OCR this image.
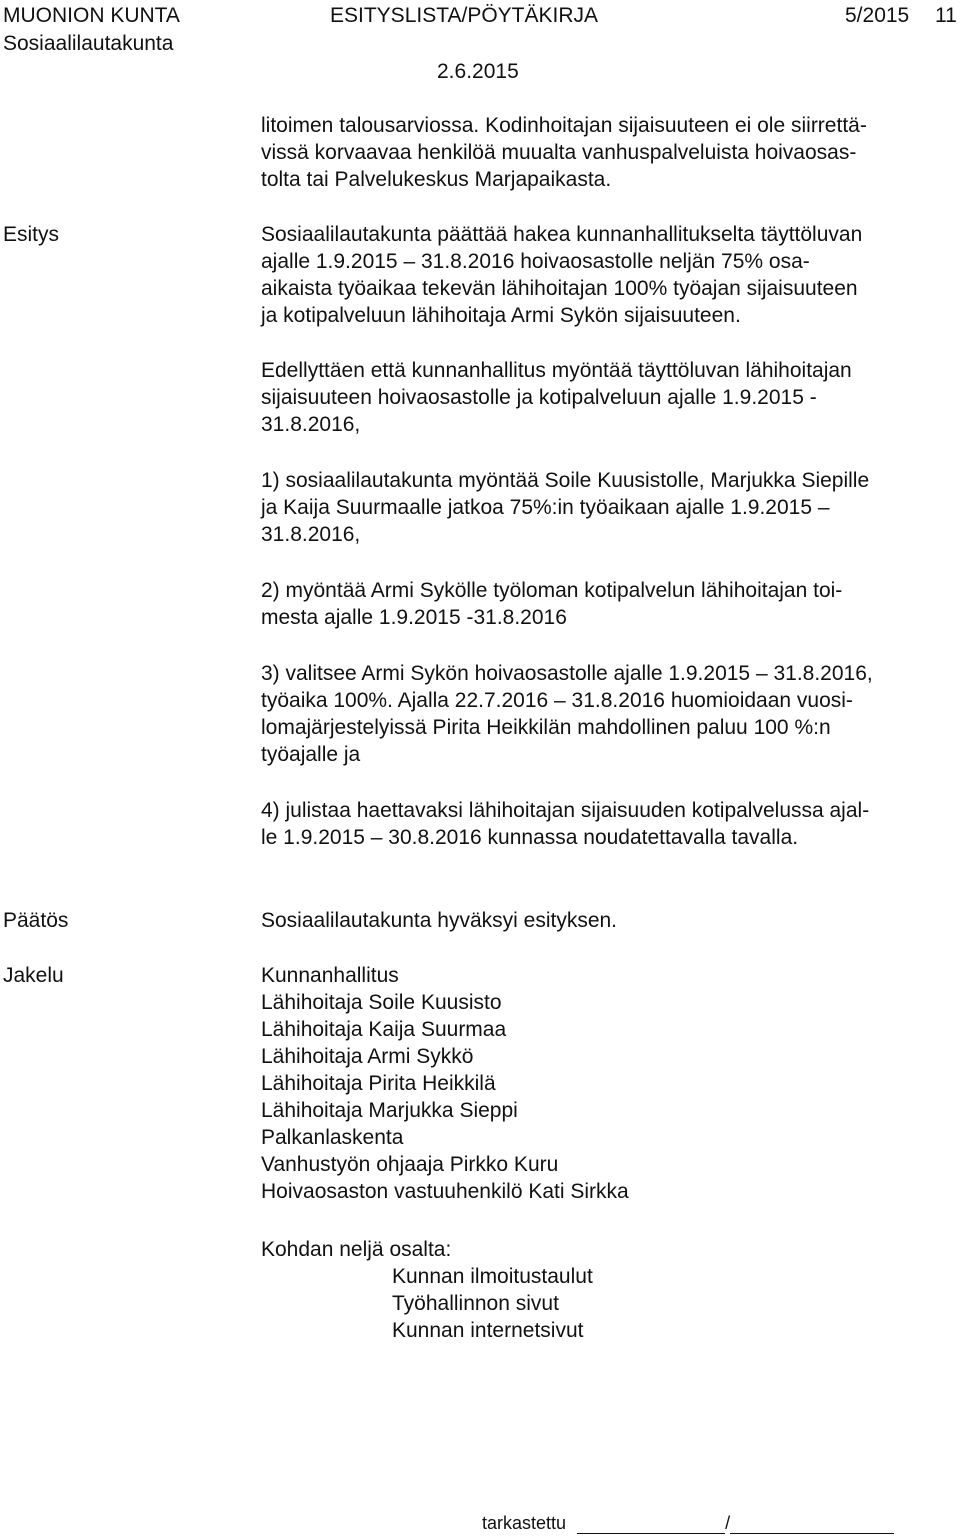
MUONION KUNTA
Sosiaalilautakunta
ESITYSLISTA/PÖYTÄKIRJA	5/2015 11
2.6.2015
litoimen talousarviossa. Kodinhoitajan sijaisuuteen ei ole siirrettä-
vissä korvaavaa henkilöä muualta vanhuspalveluista hoivaosas-
tolta tai Palvelukeskus Marjapaikasta.
Esitys	Sosiaalilautakunta päättää hakea kunnanhallitukselta täyttöluvan
ajalle 1.9.2015 – 31.8.2016 hoivaosastolle neljän 75% osa-
aikaista työaikaa tekevän lähihoitajan 100% työajan sijaisuuteen
ja kotipalveluun lähihoitaja Armi Sykön sijaisuuteen.
Edellyttäen että kunnanhallitus myöntää täyttöluvan lähihoitajan
sijaisuuteen hoivaosastolle ja kotipalveluun ajalle 1.9.2015 -
31.8.2016,
1) sosiaalilautakunta myöntää Soile Kuusistolle, Marjukka Siepille
ja Kaija Suurmaalle jatkoa 75%:in työaikaan ajalle 1.9.2015 –
31.8.2016,
2) myöntää Armi Sykölle työloman kotipalvelun lähihoitajan toi-
mesta ajalle 1.9.2015 -31.8.2016
3) valitsee Armi Sykön hoivaosastolle ajalle 1.9.2015 – 31.8.2016,
työaika 100%. Ajalla 22.7.2016 – 31.8.2016 huomioidaan vuosi-
lomajärjestelyissä Pirita Heikkilän mahdollinen paluu 100 %:n
työajalle ja
4) julistaa haettavaksi lähihoitajan sijaisuuden kotipalvelussa ajal-
le 1.9.2015 – 30.8.2016 kunnassa noudatettavalla tavalla.
Päätös	Sosiaalilautakunta hyväksyi esityksen.
Jakelu	Kunnanhallitus
Lähihoitaja Soile Kuusisto
Lähihoitaja Kaija Suurmaa
Lähihoitaja Armi Sykkö
Lähihoitaja Pirita Heikkilä
Lähihoitaja Marjukka Sieppi
Palkanlaskenta
Vanhustyön ohjaaja Pirkko Kuru
Hoivaosaston vastuuhenkilö Kati Sirkka
Kohdan neljä osalta:
Kunnan ilmoitustaulut
Työhallinnon sivut
Kunnan internetsivut
tarkastettu	/
